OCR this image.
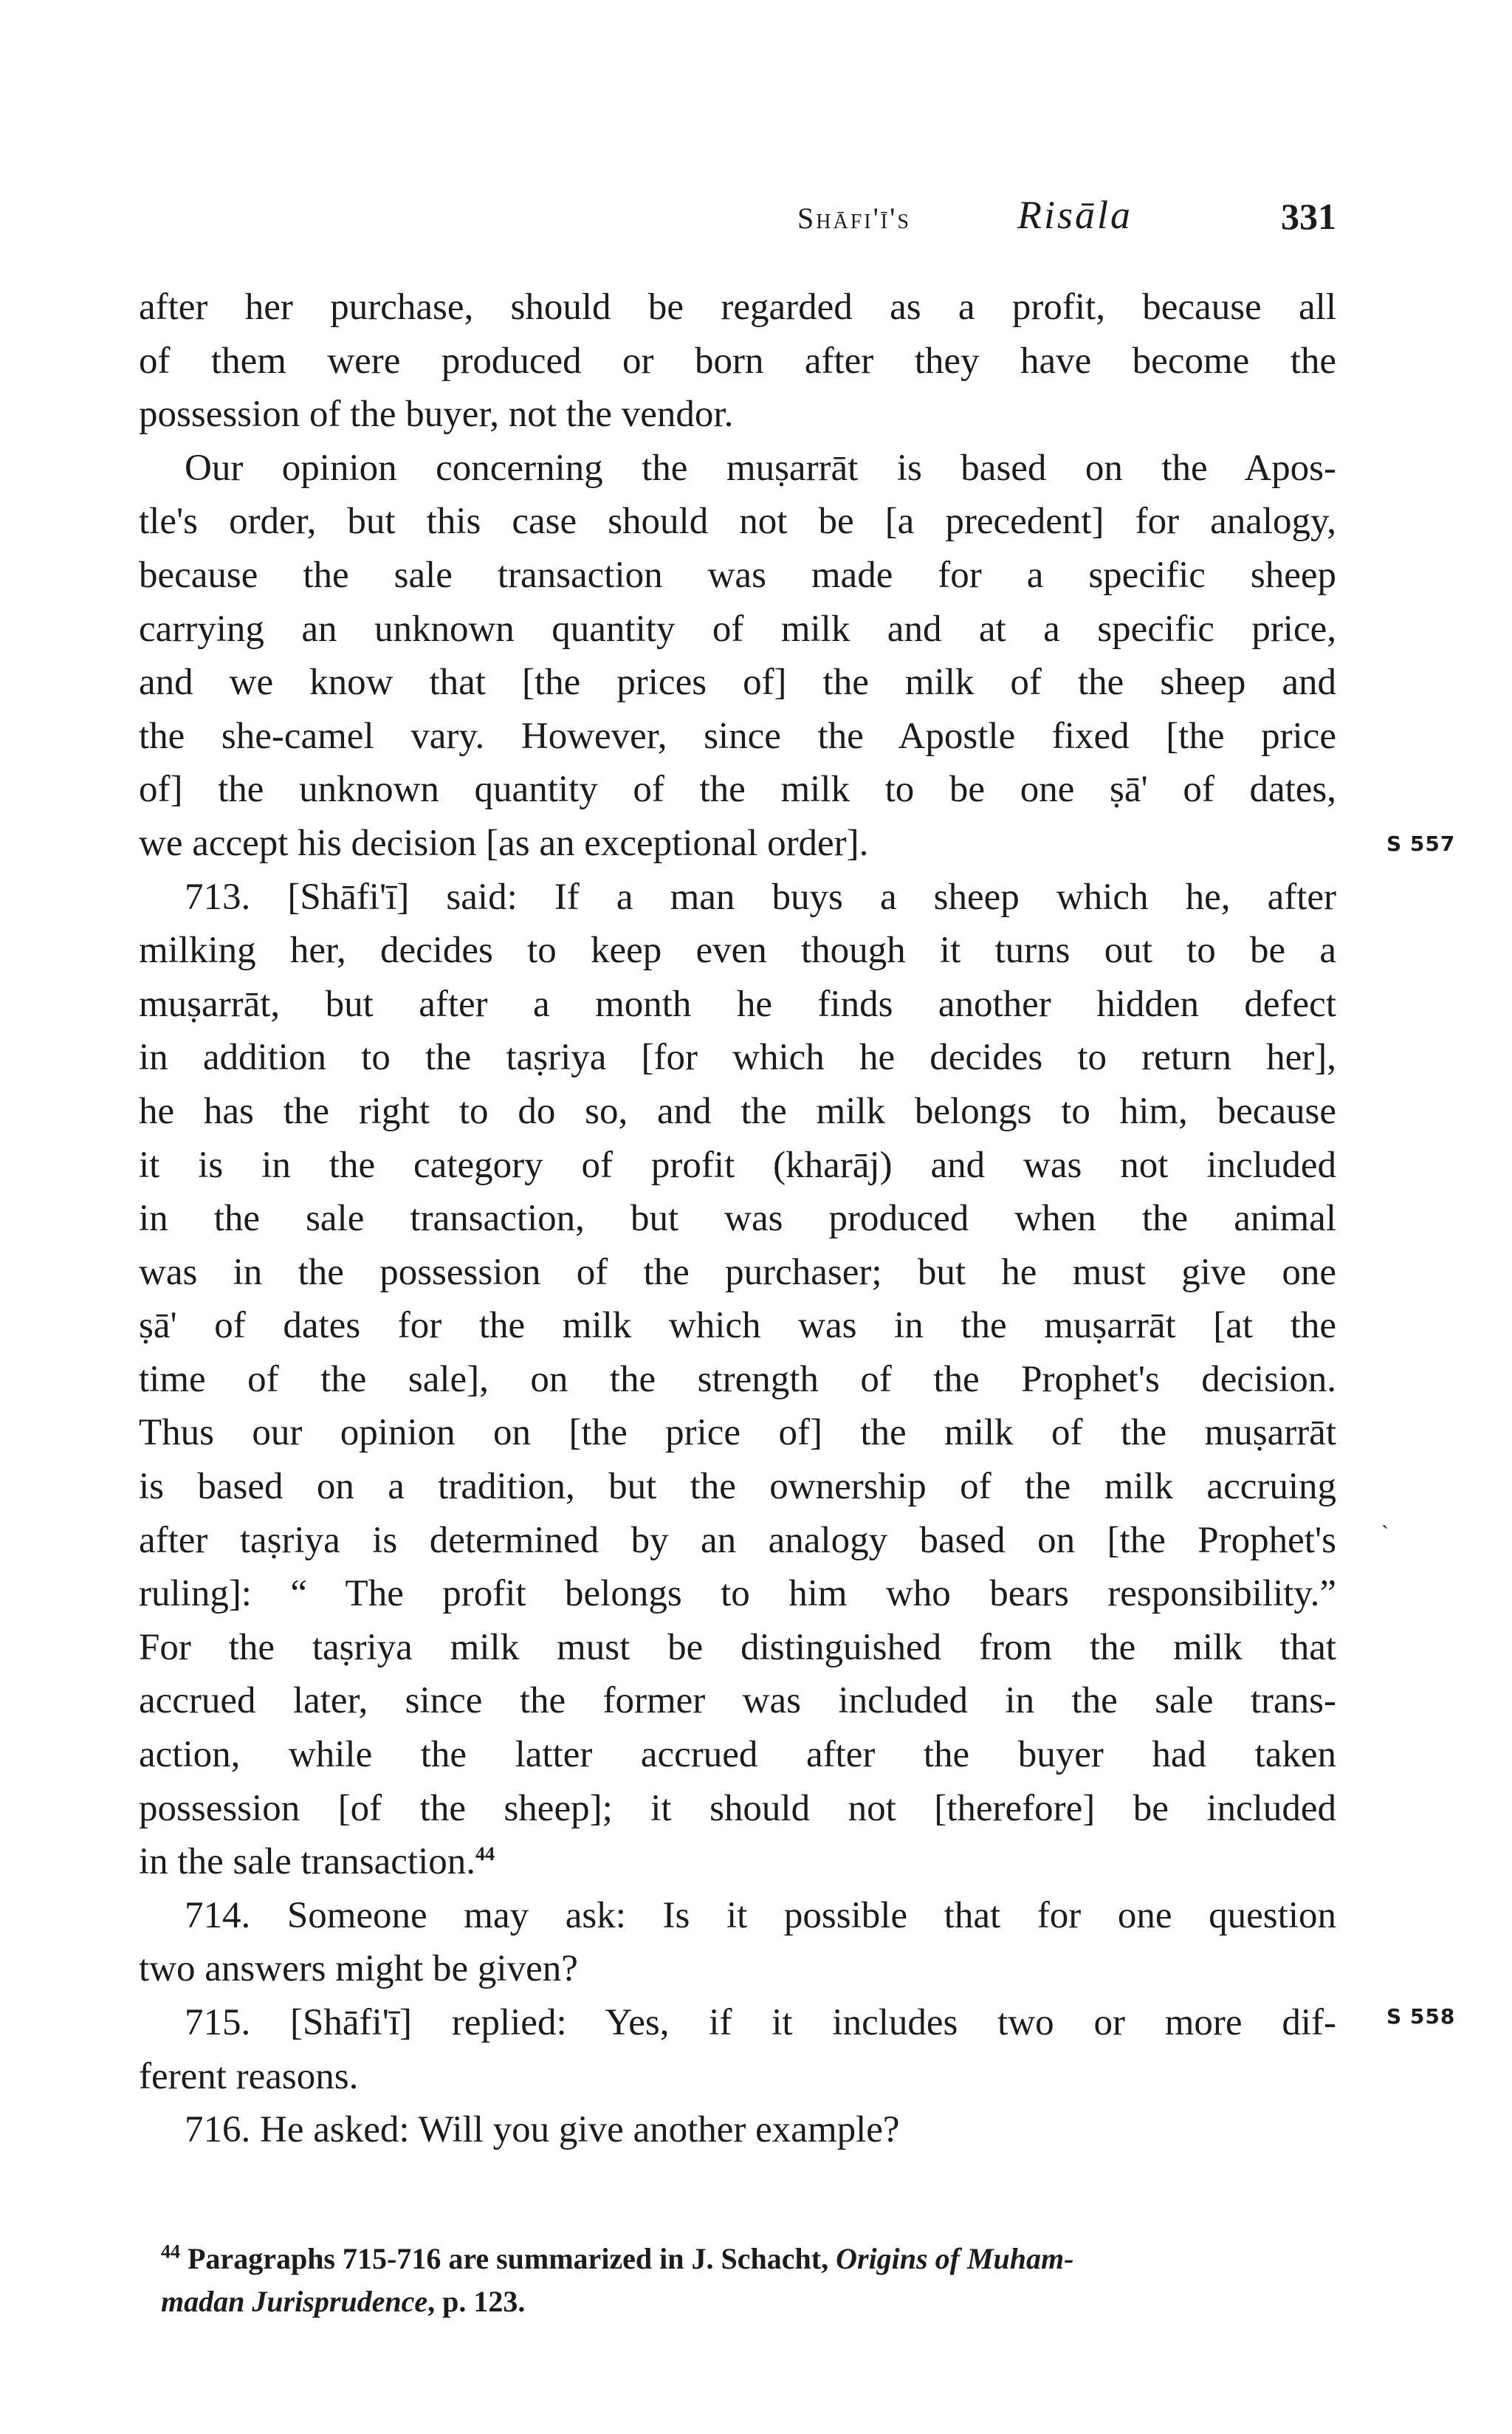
Shāfi'ī's	Risāla	331
after her purchase, should be regarded as a profit, because all
of them were produced or born after they have become the
possession of the buyer, not the vendor.
Our opinion concerning the muṣarrāt is based on the Apos-
tle's order, but this case should not be [a precedent] for analogy,
because the sale transaction was made for a specific sheep
carrying an unknown quantity of milk and at a specific price,
and we know that [the prices of] the milk of the sheep and
the she-camel vary. However, since the Apostle fixed [the price
of] the unknown quantity of the milk to be one ṣā' of dates,
we accept his decision [as an exceptional order].
713. [Shāfi'ī] said: If a man buys a sheep which he, after
milking her, decides to keep even though it turns out to be a
muṣarrāt, but after a month he finds another hidden defect
in addition to the taṣriya [for which he decides to return her],
he has the right to do so, and the milk belongs to him, because
it is in the category of profit (kharāj) and was not included
in the sale transaction, but was produced when the animal
was in the possession of the purchaser; but he must give one
ṣā' of dates for the milk which was in the muṣarrāt [at the
time of the sale], on the strength of the Prophet's decision.
Thus our opinion on [the price of] the milk of the muṣarrāt
is based on a tradition, but the ownership of the milk accruing
after taṣriya is determined by an analogy based on [the Prophet's
ruling]: “ The profit belongs to him who bears responsibility.”
For the taṣriya milk must be distinguished from the milk that
accrued later, since the former was included in the sale trans-
action, while the latter accrued after the buyer had taken
possession [of the sheep]; it should not [therefore] be included
in the sale transaction.$^{44}$
714. Someone may ask: Is it possible that for one question
two answers might be given?
715. [Shāfi'ī] replied: Yes, if it includes two or more dif-
ferent reasons.
716. He asked: Will you give another example?
S 557
`
S 558
$^{44}$ Paragraphs 715-716 are summarized in J. Schacht, Origins of Muham-
madan Jurisprudence, p. 123.
